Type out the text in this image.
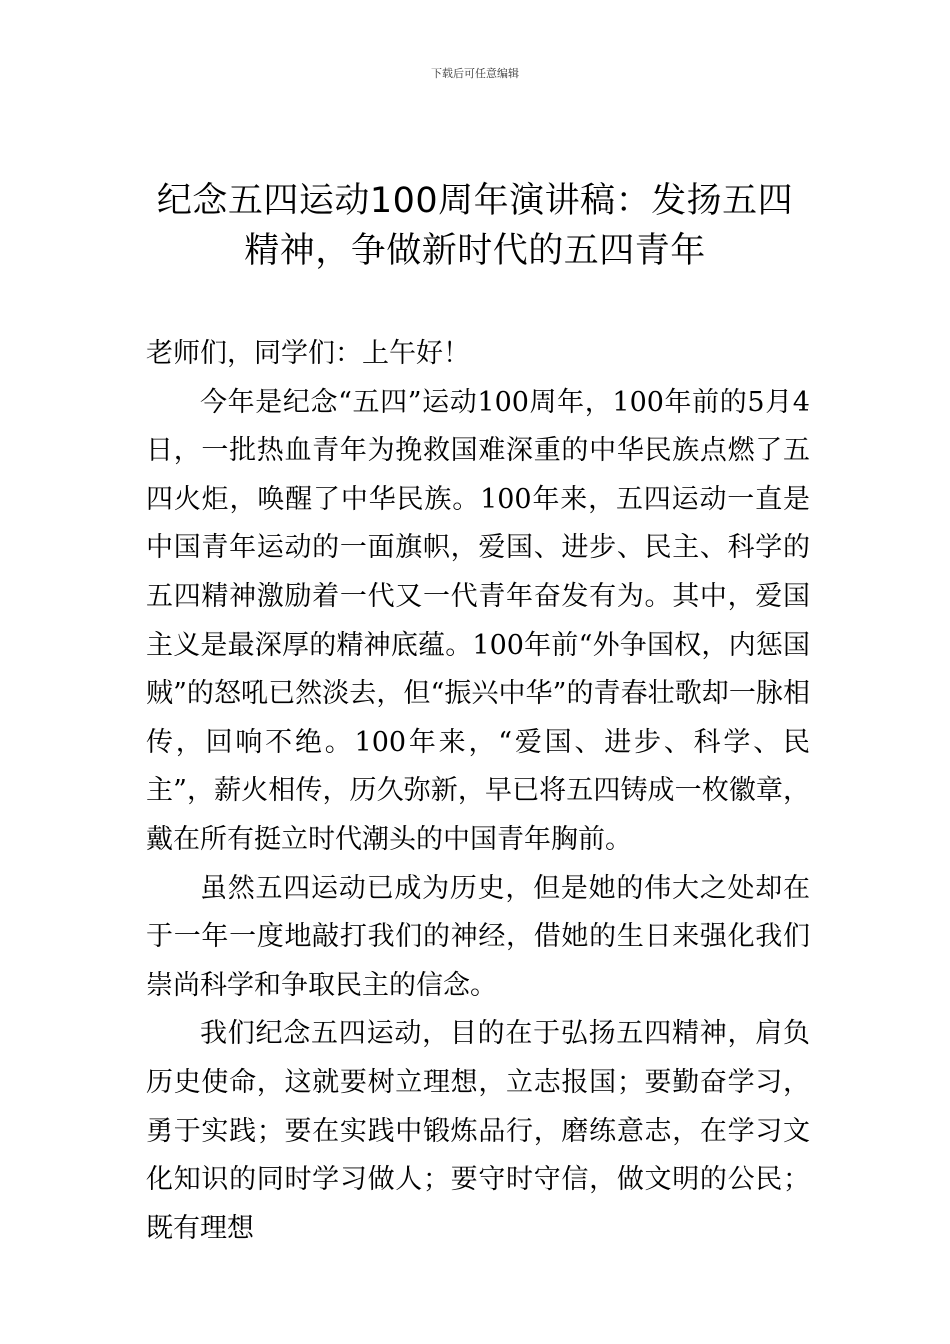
下载后可任意编辑
纪念五四运动100周年演讲稿：发扬五四
精神，争做新时代的五四青年

老师们，同学们：上午好！

今年是纪念“五四”运动100周年，100年前的5月4日，一批热血青年为挽救国难深重的中华民族点燃了五四火炬，唤醒了中华民族。100年来，五四运动一直是中国青年运动的一面旗帜，爱国、进步、民主、科学的五四精神激励着一代又一代青年奋发有为。其中，爱国主义是最深厚的精神底蕴。100年前“外争国权，内惩国贼”的怒吼已然淡去，但“振兴中华”的青春壮歌却一脉相传，回响不绝。100年来，“爱国、进步、科学、民主”，薪火相传，历久弥新，早已将五四铸成一枚徽章，戴在所有挺立时代潮头的中国青年胸前。

虽然五四运动已成为历史，但是她的伟大之处却在于一年一度地敲打我们的神经，借她的生日来强化我们崇尚科学和争取民主的信念。

我们纪念五四运动，目的在于弘扬五四精神，肩负历史使命，这就要树立理想，立志报国；要勤奋学习，勇于实践；要在实践中锻炼品行，磨练意志，在学习文化知识的同时学习做人；要守时守信，做文明的公民；既有理想
